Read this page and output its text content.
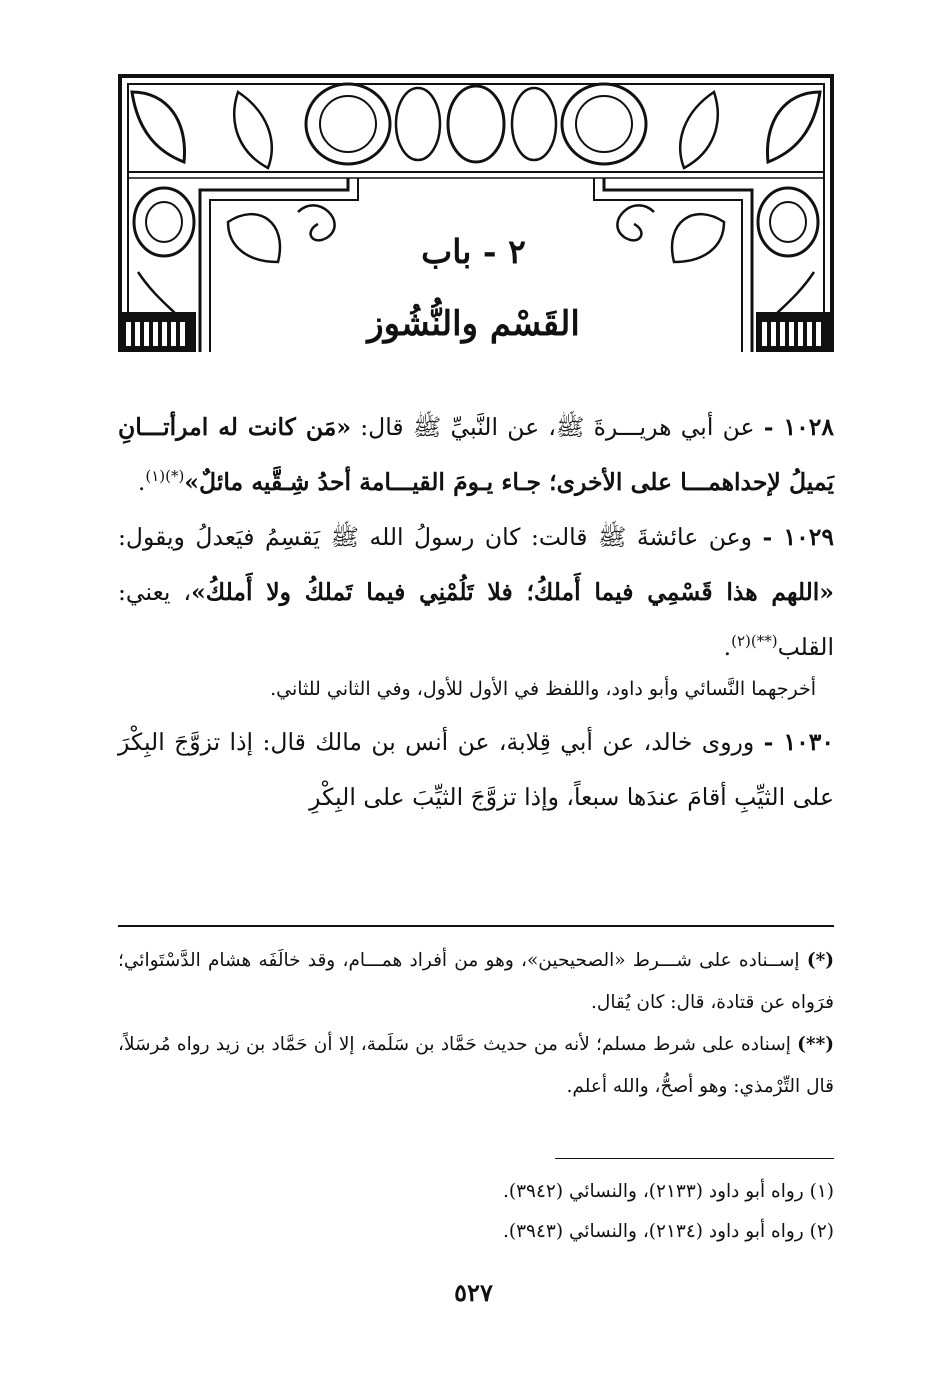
٢ - باب
القَسْم والنُّشُوز

١٠٢٨ - عن أبي هريـــرةَ ﷺ، عن النَّبيِّ ﷺ قال: «مَن كانت له امرأتـــانِ يَميلُ لإحداهمـــا على الأخرى؛ جـاء يـومَ القيـــامة أحدُ شِـقَّيه مائلٌ»$^{(*)(١)}$.

١٠٢٩ - وعن عائشةَ ﷺ قالت: كان رسولُ الله ﷺ يَقسِمُ فيَعدلُ ويقول: «اللهم هذا قَسْمِي فيما أَملكُ؛ فلا تَلُمْنِي فيما تَملكُ ولا أَملكُ»، يعني: القلب$^{(**)(٢)}$.

أخرجهما النَّسائي وأبو داود، واللفظ في الأول للأول، وفي الثاني للثاني.

١٠٣٠ - وروى خالد، عن أبي قِلابة، عن أنس بن مالك قال: إذا تزوَّجَ البِكْرَ على الثيِّبِ أقامَ عندَها سبعاً، وإذا تزوَّجَ الثيِّبَ على البِكْرِ

(*) إســناده على شـــرط «الصحيحين»، وهو من أفراد همـــام، وقد خالَفَه هشام الدَّسْتَوائي؛ فرَواه عن قتادة، قال: كان يُقال.

(**) إسناده على شرط مسلم؛ لأنه من حديث حَمَّاد بن سَلَمة، إلا أن حَمَّاد بن زيد رواه مُرسَلاً، قال التِّرْمذي: وهو أصحُّ، والله أعلم.

(١) رواه أبو داود (٢١٣٣)، والنسائي (٣٩٤٢).

(٢) رواه أبو داود (٢١٣٤)، والنسائي (٣٩٤٣).

٥٢٧
